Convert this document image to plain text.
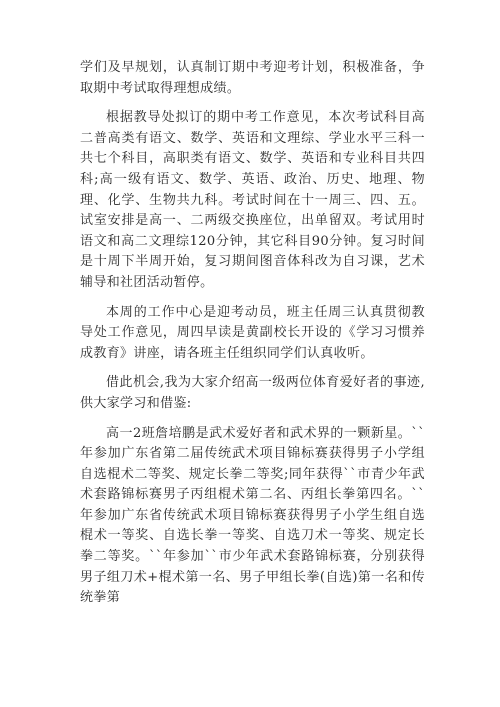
学们及早规划，认真制订期中考迎考计划，积极准备，争取期中考试取得理想成绩。

根据教导处拟订的期中考工作意见，本次考试科目高二普高类有语文、数学、英语和文理综、学业水平三科一共七个科目，高职类有语文、数学、英语和专业科目共四科;高一级有语文、数学、英语、政治、历史、地理、物理、化学、生物共九科。考试时间在十一周三、四、五。试室安排是高一、二两级交换座位，出单留双。考试用时语文和高二文理综120分钟，其它科目90分钟。复习时间是十周下半周开始，复习期间图音体科改为自习课，艺术辅导和社团活动暂停。

本周的工作中心是迎考动员，班主任周三认真贯彻教导处工作意见，周四早读是黄副校长开设的《学习习惯养成教育》讲座，请各班主任组织同学们认真收听。

借此机会,我为大家介绍高一级两位体育爱好者的事迹,供大家学习和借鉴:

高一2班詹培鹏是武术爱好者和武术界的一颗新星。``年参加广东省第二届传统武术项目锦标赛获得男子小学组自选棍术二等奖、规定长拳二等奖;同年获得``市青少年武术套路锦标赛男子丙组棍术第二名、丙组长拳第四名。``年参加广东省传统武术项目锦标赛获得男子小学生组自选棍术一等奖、自选长拳一等奖、自选刀术一等奖、规定长拳二等奖。``年参加``市少年武术套路锦标赛，分别获得男子组刀术+棍术第一名、男子甲组长拳(自选)第一名和传统拳第
